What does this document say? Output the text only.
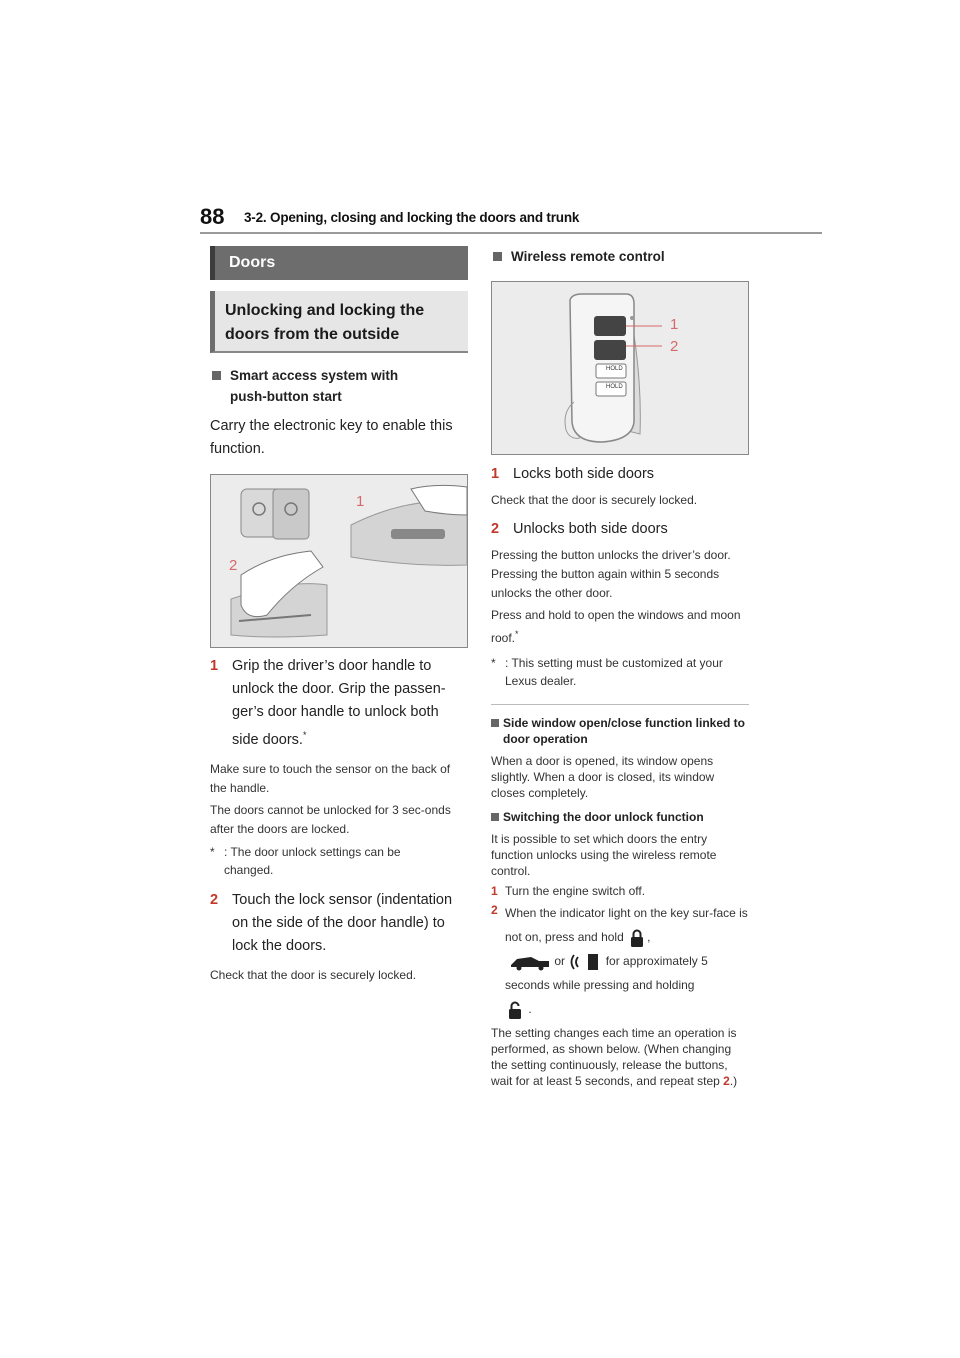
88 3-2. Opening, closing and locking the doors and trunk
Doors
Unlocking and locking the doors from the outside
Smart access system with push-button start
Carry the electronic key to enable this function.
1
2
1 Grip the driver’s door handle to unlock the door. Grip the passen-ger’s door handle to unlock both side doors.*
Make sure to touch the sensor on the back of the handle.
The doors cannot be unlocked for 3 sec-onds after the doors are locked.
* : The door unlock settings can be changed.
2 Touch the lock sensor (indentation on the side of the door handle) to lock the doors.
Check that the door is securely locked.
Wireless remote control
HOLD
HOLD
1
2
1 Locks both side doors
Check that the door is securely locked.
2 Unlocks both side doors
Pressing the button unlocks the driver’s door. Pressing the button again within 5 seconds unlocks the other door.
Press and hold to open the windows and moon roof.*
* : This setting must be customized at your Lexus dealer.
Side window open/close function linked to door operation
When a door is opened, its window opens slightly. When a door is closed, its window closes completely.
Switching the door unlock function
It is possible to set which doors the entry function unlocks using the wireless remote control.
1 Turn the engine switch off.
2 When the indicator light on the key sur-face is not on, press and hold ,
or	for approximately 5 seconds while pressing and holding
.
The setting changes each time an operation is performed, as shown below. (When changing the setting continuously, release the buttons, wait for at least 5 seconds, and repeat step 2.)
